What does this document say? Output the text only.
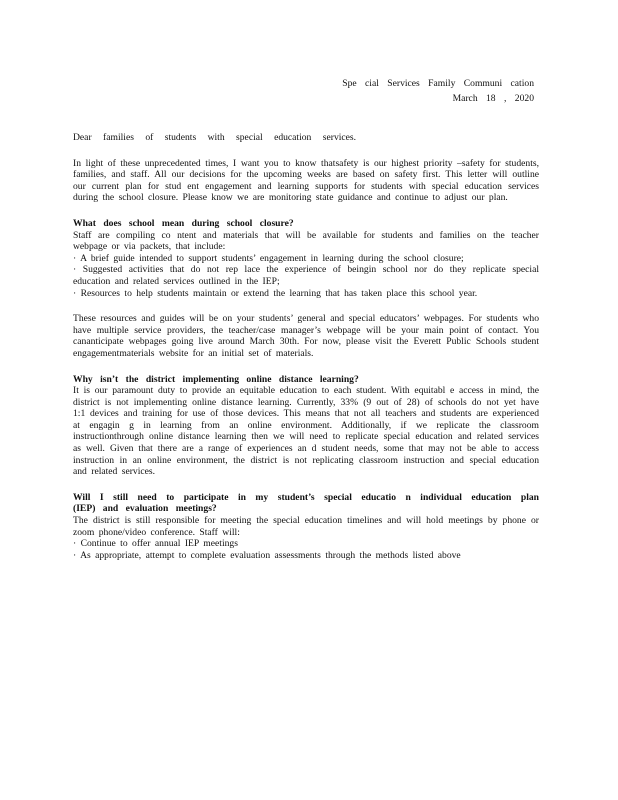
Spe cial Services Family Communi cation
March 18 , 2020

Dear families of students with special education services.

In light of these unprecedented times, I want you to know thatsafety is our highest priority –safety for students, families, and staff. All our decisions for the upcoming weeks are based on safety first. This letter will outline our current plan for stud ent engagement and learning supports for students with special education services during the school closure. Please know we are monitoring state guidance and continue to adjust our plan.

What does school mean during school closure?

Staff are compiling co ntent and materials that will be available for students and families on the teacher webpage or via packets, that include:

· A brief guide intended to support students’ engagement in learning during the school closure;

· Suggested activities that do not rep lace the experience of beingin school nor do they replicate special education and related services outlined in the IEP;

· Resources to help students maintain or extend the learning that has taken place this school year.

These resources and guides will be on your students’ general and special educators’ webpages. For students who have multiple service providers, the teacher/case manager’s webpage will be your main point of contact. You cananticipate webpages going live around March 30th. For now, please visit the Everett Public Schools student engagementmaterials website for an initial set of materials.

Why isn’t the district implementing online distance learning?

It is our paramount duty to provide an equitable education to each student. With equitabl e access in mind, the district is not implementing online distance learning. Currently, 33% (9 out of 28) of schools do not yet have 1:1 devices and training for use of those devices. This means that not all teachers and students are experienced at engagin g in learning from an online environment. Additionally, if we replicate the classroom instructionthrough online distance learning then we will need to replicate special education and related services as well. Given that there are a range of experiences an d student needs, some that may not be able to access instruction in an online environment, the district is not replicating classroom instruction and special education and related services.

Will I still need to participate in my student’s special educatio n individual education plan (IEP) and evaluation meetings?

The district is still responsible for meeting the special education timelines and will hold meetings by phone or zoom phone/video conference. Staff will:

· Continue to offer annual IEP meetings

· As appropriate, attempt to complete evaluation assessments through the methods listed above
